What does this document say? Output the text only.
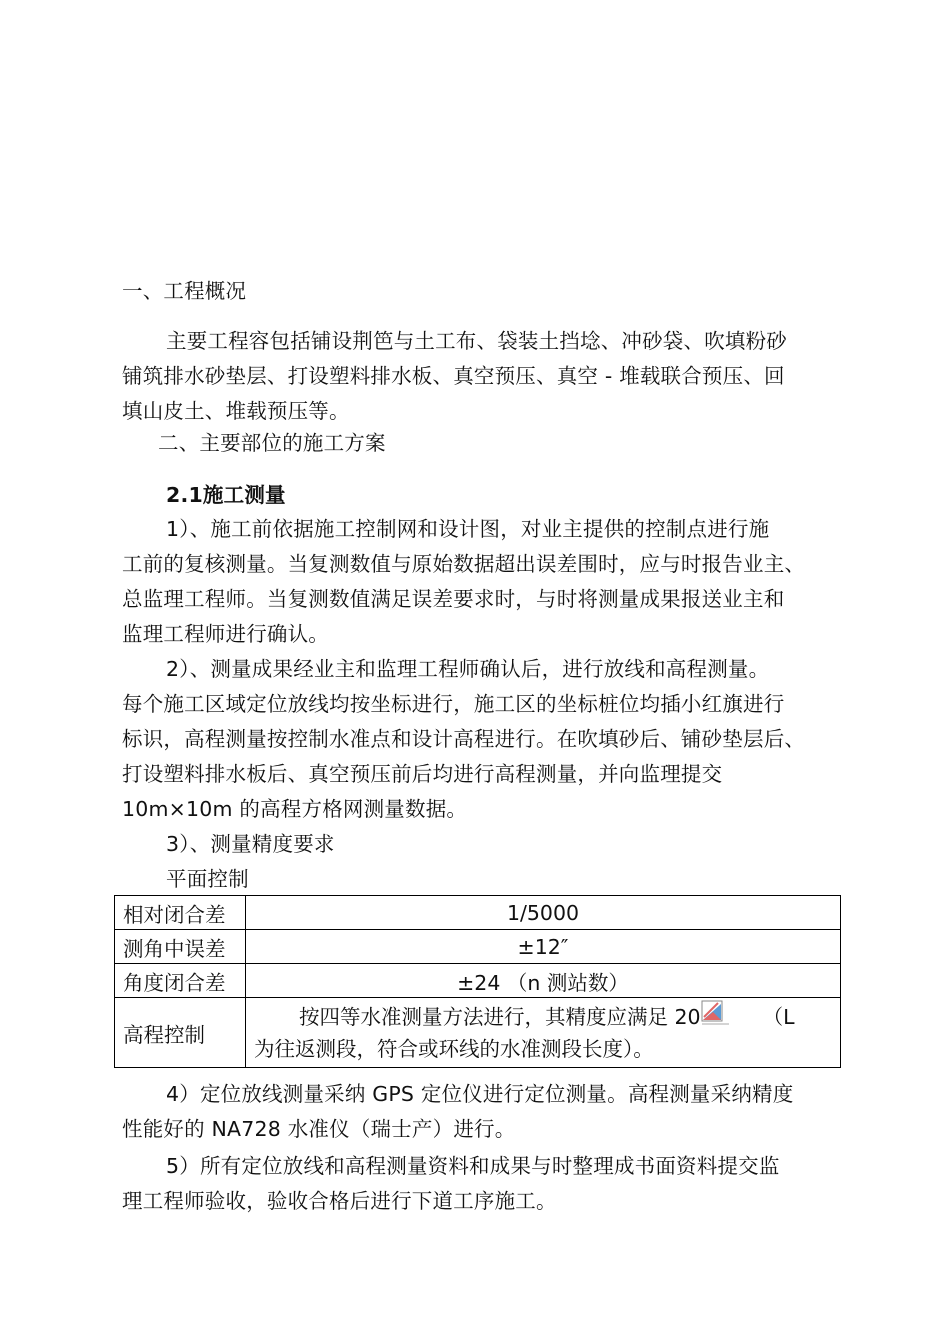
一、工程概况
主要工程容包括铺设荆笆与土工布、袋装土挡埝、冲砂袋、吹填粉砂
铺筑排水砂垫层、打设塑料排水板、真空预压、真空 - 堆载联合预压、回
填山皮土、堆载预压等。
二、主要部位的施工方案
2.1施工测量
1）、施工前依据施工控制网和设计图，对业主提供的控制点进行施
工前的复核测量。当复测数值与原始数据超出误差围时，应与时报告业主、
总监理工程师。当复测数值满足误差要求时，与时将测量成果报送业主和
监理工程师进行确认。
2）、测量成果经业主和监理工程师确认后，进行放线和高程测量。
每个施工区域定位放线均按坐标进行，施工区的坐标桩位均插小红旗进行
标识，高程测量按控制水准点和设计高程进行。在吹填砂后、铺砂垫层后、
打设塑料排水板后、真空预压前后均进行高程测量，并向监理提交
10m×10m 的高程方格网测量数据。
3）、测量精度要求
平面控制
相对闭合差	1/5000
测角中误差	±12″
角度闭合差	±24 （n 测站数）
高程控制	按四等水准测量方法进行，其精度应满足 20 （L
为往返测段，符合或环线的水准测段长度）。
4）定位放线测量采纳 GPS 定位仪进行定位测量。高程测量采纳精度
性能好的 NA728 水准仪（瑞士产）进行。
5）所有定位放线和高程测量资料和成果与时整理成书面资料提交监
理工程师验收，验收合格后进行下道工序施工。
